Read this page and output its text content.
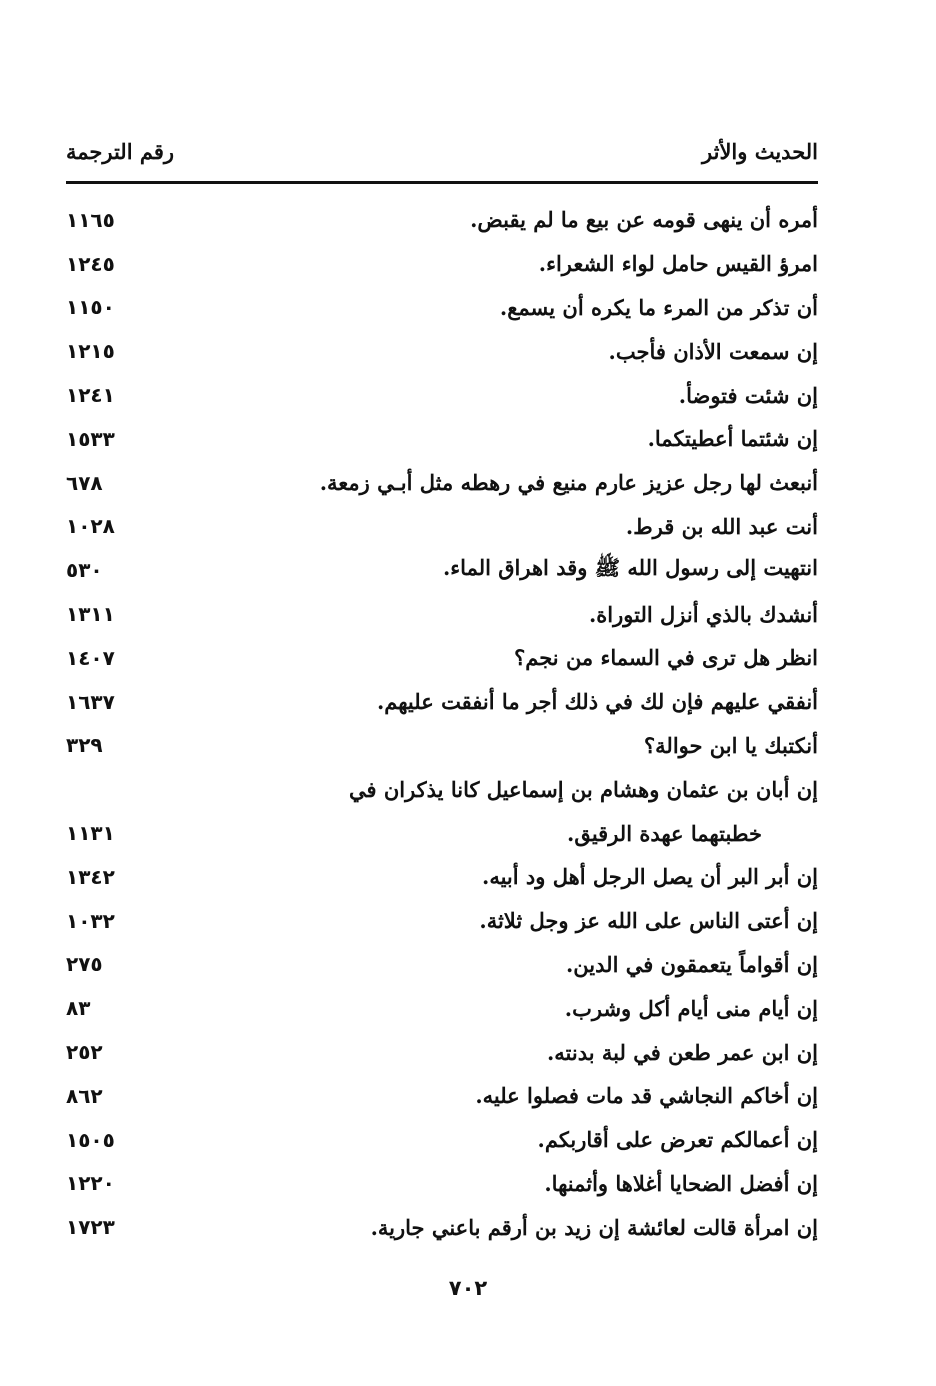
رقم الترجمة	الحديث والأثر
١١٦٥	أمره أن ينهى قومه عن بيع ما لم يقبض.
١٢٤٥	امرؤ القيس حامل لواء الشعراء.
١١٥٠	أن تذكر من المرء ما يكره أن يسمع.
١٢١٥	إن سمعت الأذان فأجب.
١٢٤١	إن شئت فتوضأ.
١٥٣٣	إن شئتما أعطيتكما.
٦٧٨	أنبعث لها رجل عزيز عارم منيع في رهطه مثل أبـي زمعة.
١٠٢٨	أنت عبد الله بن قرط.
٥٣٠	انتهيت إلى رسول الله ﷺ وقد اهراق الماء.
١٣١١	أنشدك بالذي أنزل التوراة.
١٤٠٧	انظر هل ترى في السماء من نجم؟
١٦٣٧	أنفقي عليهم فإن لك في ذلك أجر ما أنفقت عليهم.
٣٢٩	أنكتبك يا ابن حوالة؟
إن أبان بن عثمان وهشام بن إسماعيل كانا يذكران في
١١٣١	خطبتهما عهدة الرقيق.
١٣٤٢	إن أبر البر أن يصل الرجل أهل ود أبيه.
١٠٣٢	إن أعتى الناس على الله عز وجل ثلاثة.
٢٧٥	إن أقواماً يتعمقون في الدين.
٨٣	إن أيام منى أيام أكل وشرب.
٢٥٢	إن ابن عمر طعن في لبة بدنته.
٨٦٢	إن أخاكم النجاشي قد مات فصلوا عليه.
١٥٠٥	إن أعمالكم تعرض على أقاربكم.
١٢٢٠	إن أفضل الضحايا أغلاها وأثمنها.
١٧٢٣	إن امرأة قالت لعائشة إن زيد بن أرقم باعني جارية.
٧٠٢
